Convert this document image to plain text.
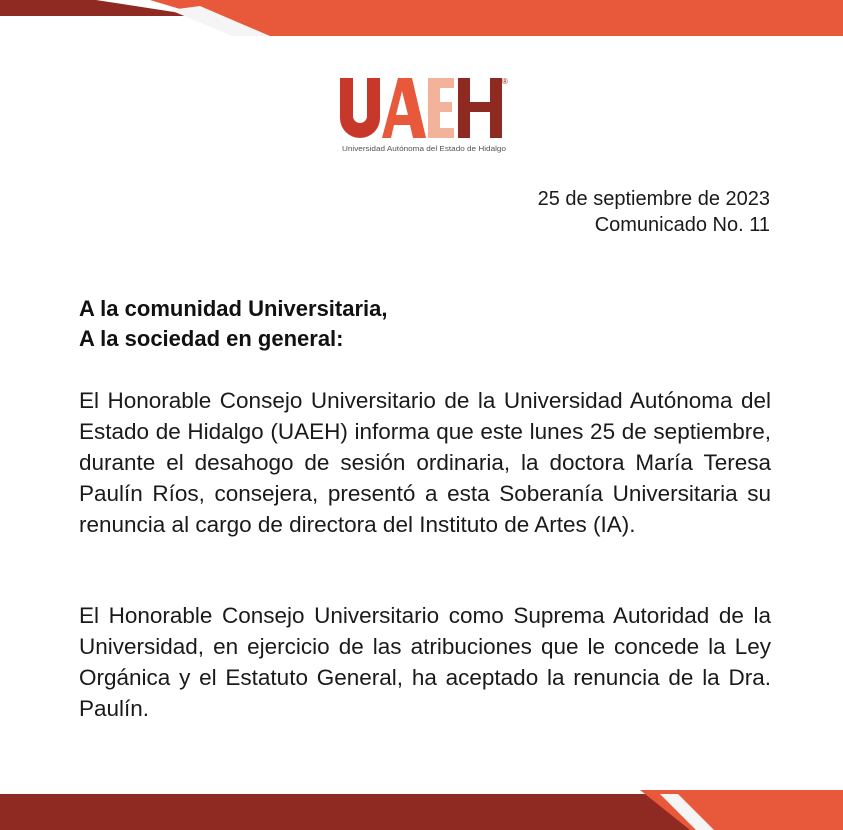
®
Universidad Autónoma del Estado de Hidalgo
25 de septiembre de 2023
Comunicado No. 11
A la comunidad Universitaria,
A la sociedad en general:

El Honorable Consejo Universitario de la Universidad Autónoma del Estado de Hidalgo (UAEH) informa que este lunes 25 de septiembre, durante el desahogo de sesión ordinaria, la doctora María Teresa Paulín Ríos, consejera, presentó a esta Soberanía Universitaria su renuncia al cargo de directora del Instituto de Artes (IA).

El Honorable Consejo Universitario como Suprema Autoridad de la Universidad, en ejercicio de las atribuciones que le concede la Ley Orgánica y el Estatuto General, ha aceptado la renuncia de la Dra. Paulín.
